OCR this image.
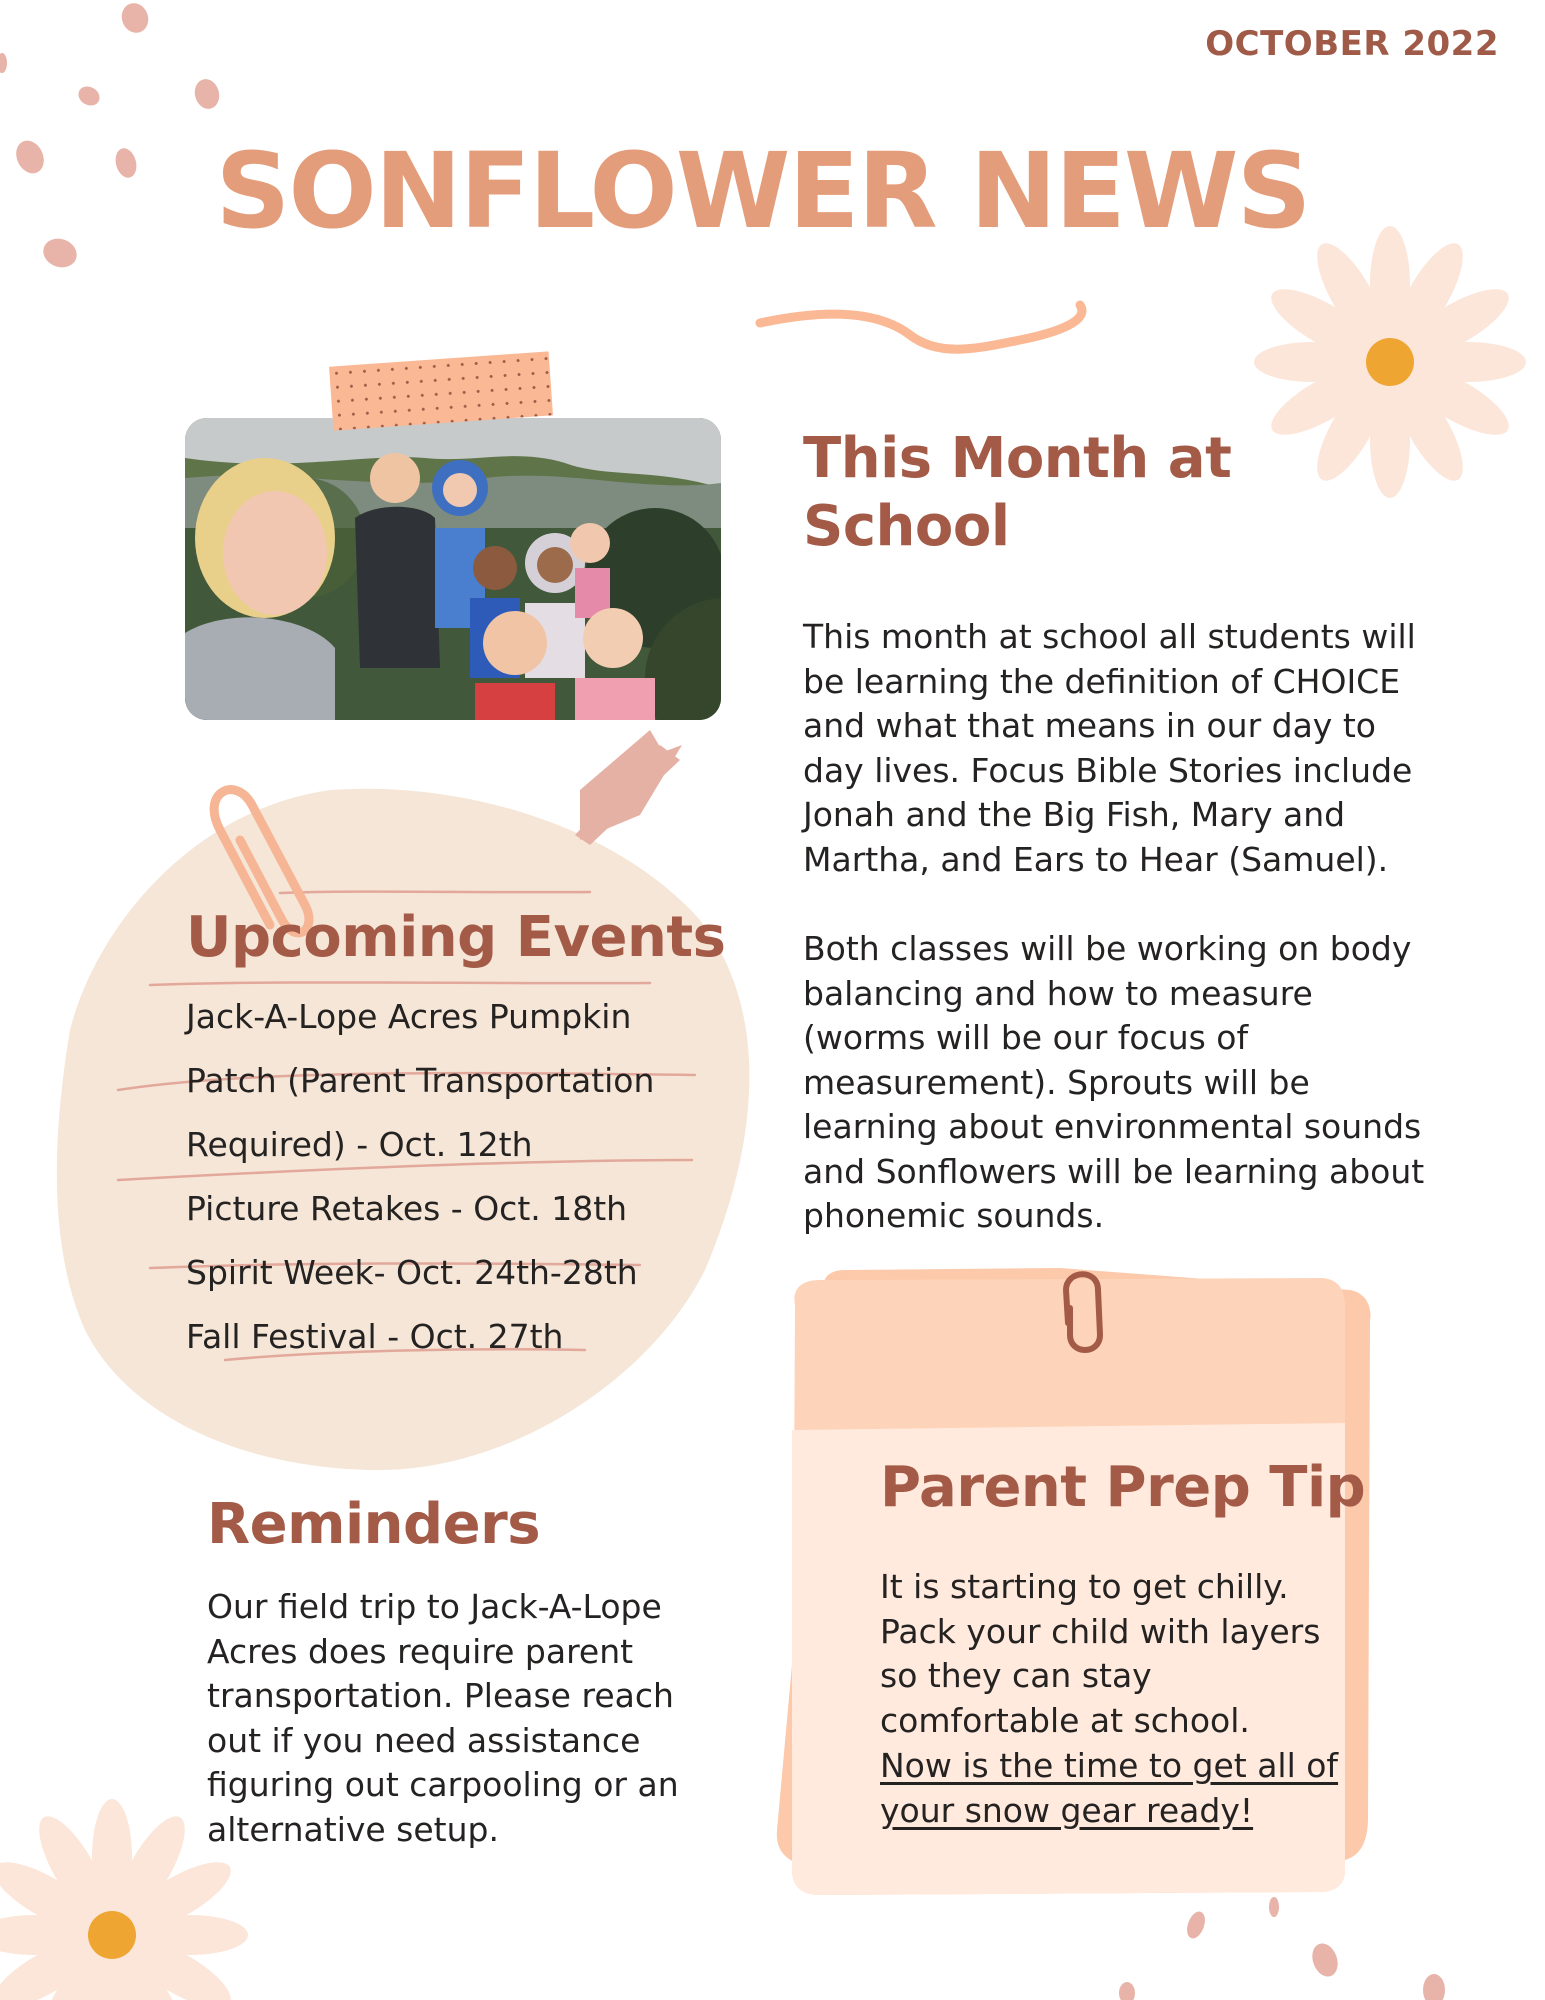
OCTOBER 2022
SONFLOWER NEWS
Upcoming Events
Jack-A-Lope Acres Pumpkin
Patch (Parent Transportation
Required) - Oct. 12th
Picture Retakes - Oct. 18th
Spirit Week- Oct. 24th-28th
Fall Festival - Oct. 27th
This Month at School
This month at school all students will
be learning the definition of CHOICE
and what that means in our day to
day lives. Focus Bible Stories include
Jonah and the Big Fish, Mary and
Martha, and Ears to Hear (Samuel).
Both classes will be working on body
balancing and how to measure
(worms will be our focus of
measurement). Sprouts will be
learning about environmental sounds
and Sonflowers will be learning about
phonemic sounds.
Reminders
Our field trip to Jack-A-Lope
Acres does require parent
transportation. Please reach
out if you need assistance
figuring out carpooling or an
alternative setup.
Parent Prep Tip
It is starting to get chilly.
Pack your child with layers
so they can stay
comfortable at school.
Now is the time to get all of
your snow gear ready!
